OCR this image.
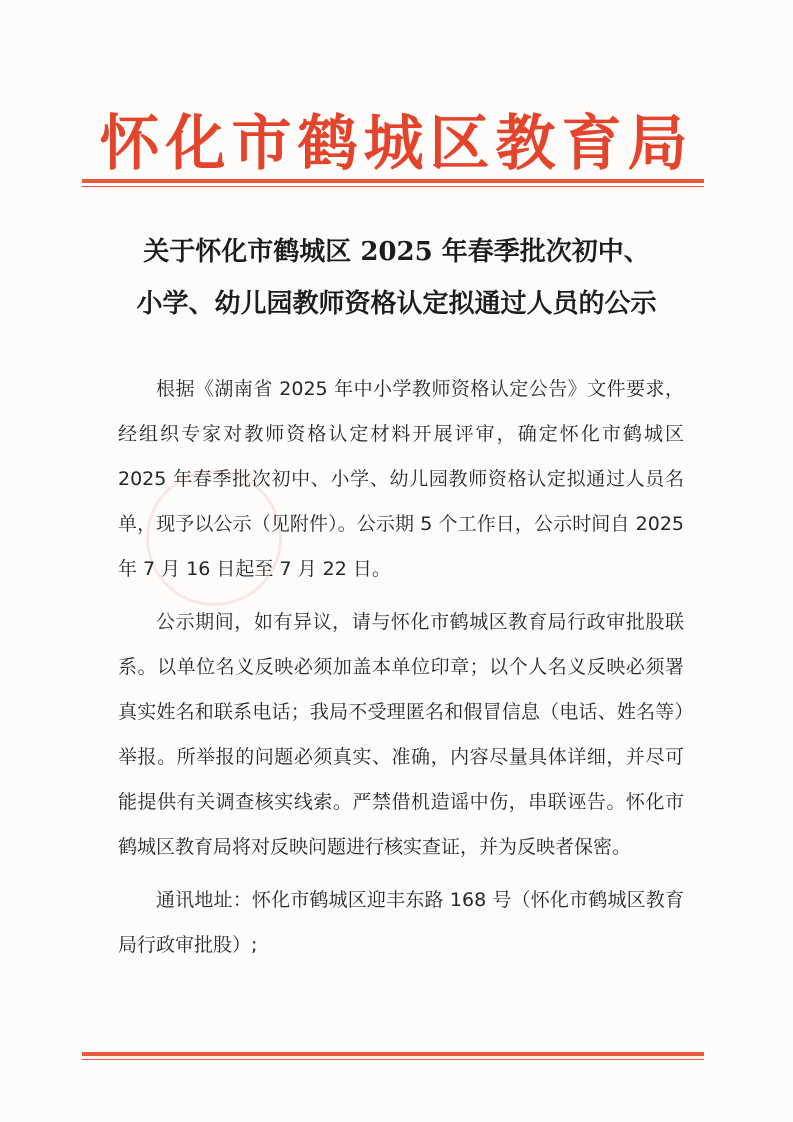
怀化市鹤城区教育局
关于怀化市鹤城区 2025 年春季批次初中、
小学、幼儿园教师资格认定拟通过人员的公示

根据《湖南省 2025 年中小学教师资格认定公告》文件要求，经组织专家对教师资格认定材料开展评审，确定怀化市鹤城区 2025 年春季批次初中、小学、幼儿园教师资格认定拟通过人员名单，现予以公示（见附件）。公示期 5 个工作日，公示时间自 2025 年 7 月 16 日起至 7 月 22 日。

公示期间，如有异议，请与怀化市鹤城区教育局行政审批股联系。以单位名义反映必须加盖本单位印章；以个人名义反映必须署真实姓名和联系电话；我局不受理匿名和假冒信息（电话、姓名等）举报。所举报的问题必须真实、准确，内容尽量具体详细，并尽可能提供有关调查核实线索。严禁借机造谣中伤，串联诬告。怀化市鹤城区教育局将对反映问题进行核实查证，并为反映者保密。

通讯地址：怀化市鹤城区迎丰东路 168 号（怀化市鹤城区教育局行政审批股）;
